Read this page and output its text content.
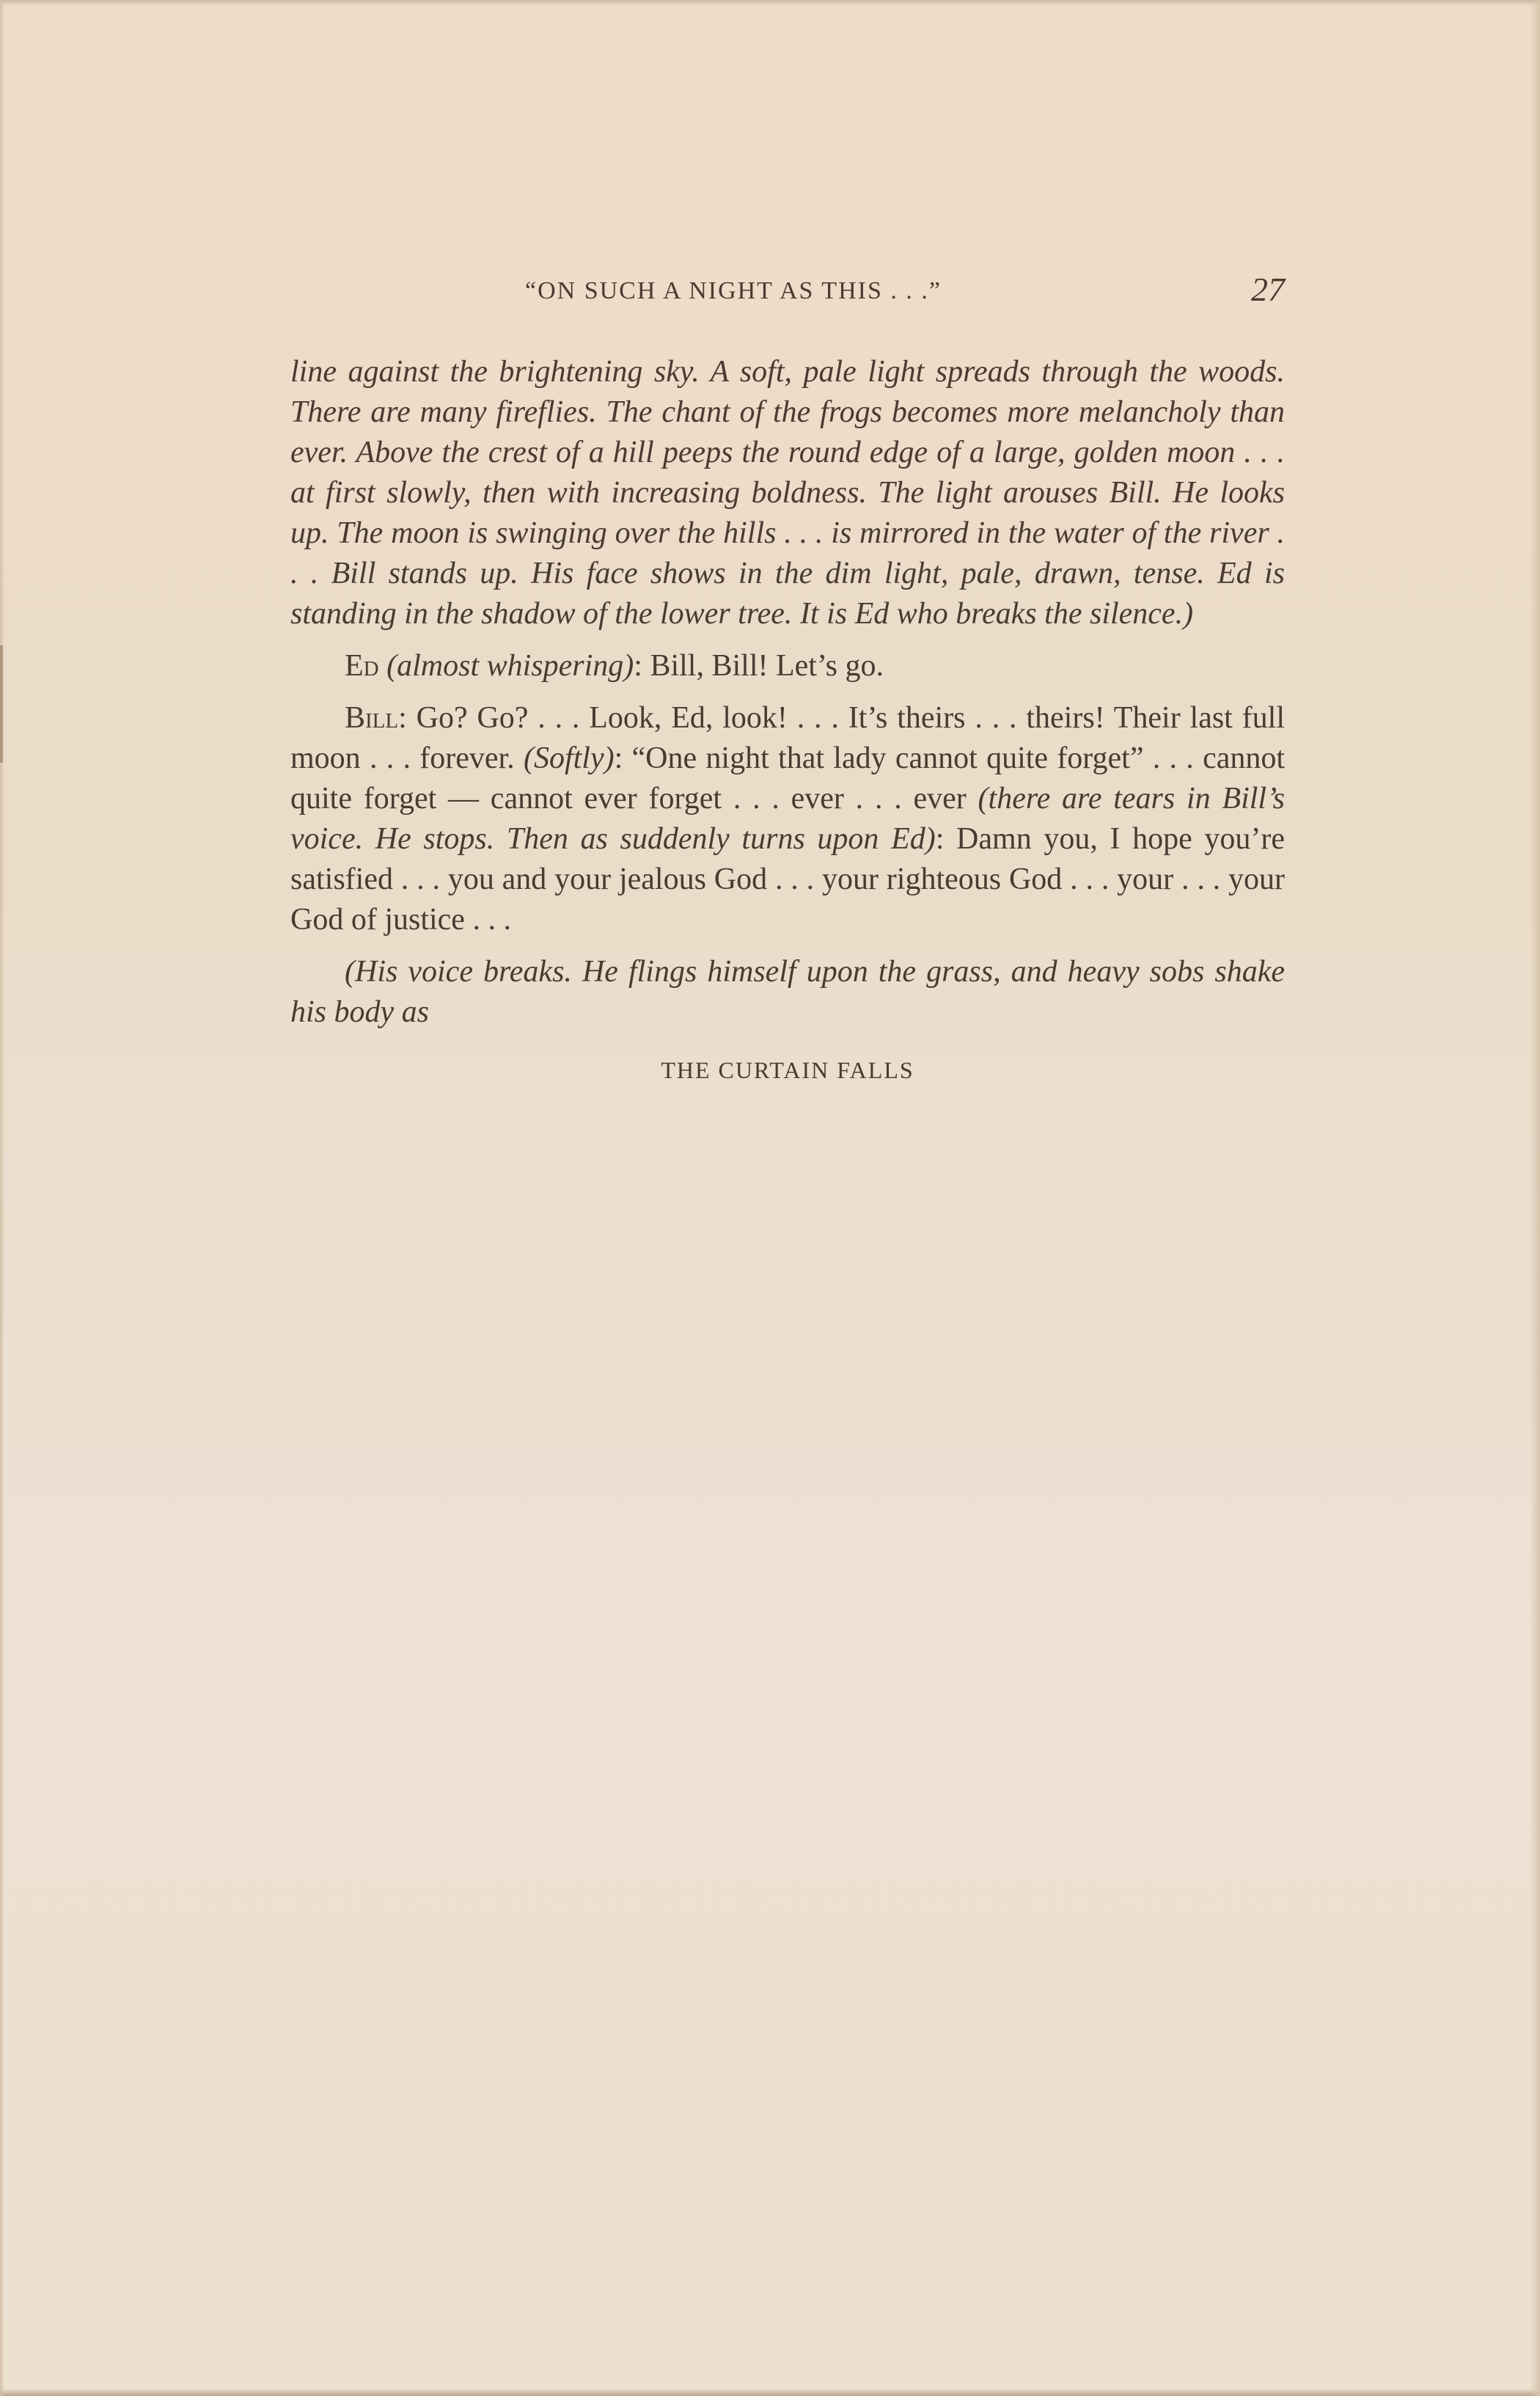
“ON SUCH A NIGHT AS THIS . . .”	27

line against the brightening sky. A soft, pale light spreads through the woods. There are many fireflies. The chant of the frogs becomes more melancholy than ever. Above the crest of a hill peeps the round edge of a large, golden moon . . . at first slowly, then with increasing boldness. The light arouses Bill. He looks up. The moon is swinging over the hills . . . is mirrored in the water of the river . . . Bill stands up. His face shows in the dim light, pale, drawn, tense. Ed is standing in the shadow of the lower tree. It is Ed who breaks the silence.)

Ed (almost whispering): Bill, Bill! Let’s go.

Bill: Go? Go? . . . Look, Ed, look! . . . It’s theirs . . . theirs! Their last full moon . . . forever. (Softly): “One night that lady cannot quite forget” . . . cannot quite forget — cannot ever forget . . . ever . . . ever (there are tears in Bill’s voice. He stops. Then as suddenly turns upon Ed): Damn you, I hope you’re satisfied . . . you and your jealous God . . . your righteous God . . . your . . . your God of justice . . .

(His voice breaks. He flings himself upon the grass, and heavy sobs shake his body as

THE CURTAIN FALLS
